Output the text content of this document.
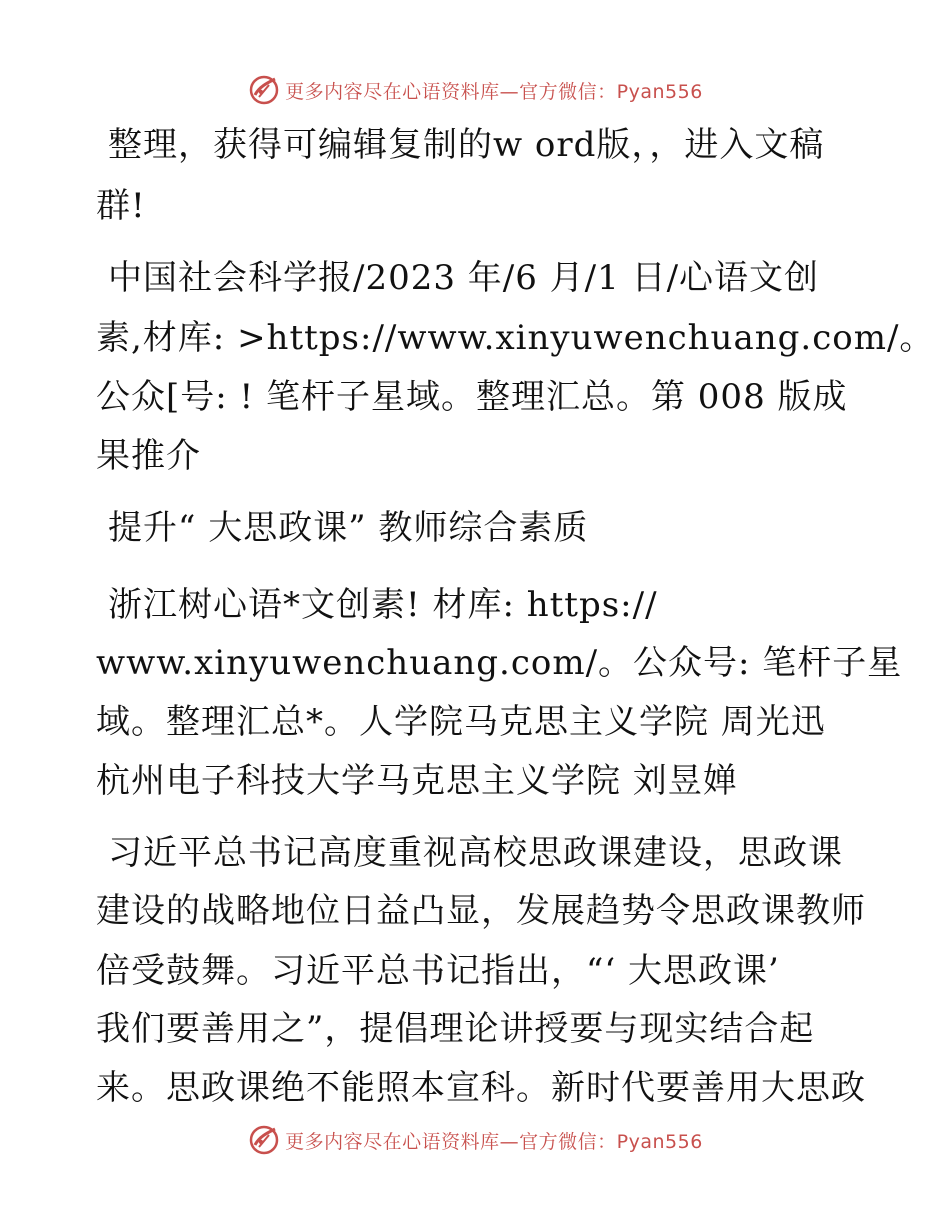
更多内容尽在心语资料库—官方微信：Pyan556
整理，获得可编辑复制的w ord版，，进入文稿
群!
中国社会科学报/2023 年/6 月/1 日/心语文创
素,材库: >https://www.xinyuwenchuang.com/。
公众[号: ! 笔杆子星域。整理汇总。第 008 版成
果推介
提升“ 大思政课” 教师综合素质
浙江树心语*文创素! 材库: https://
www.xinyuwenchuang.com/。公众号: 笔杆子星
域。整理汇总*。人学院马克思主义学院 周光迅
杭州电子科技大学马克思主义学院 刘昱婵
习近平总书记高度重视高校思政课建设，思政课
建设的战略地位日益凸显，发展趋势令思政课教师
倍受鼓舞。习近平总书记指出，“‘ 大思政课’
我们要善用之”，提倡理论讲授要与现实结合起
来。思政课绝不能照本宣科。新时代要善用大思政
更多内容尽在心语资料库—官方微信：Pyan556
